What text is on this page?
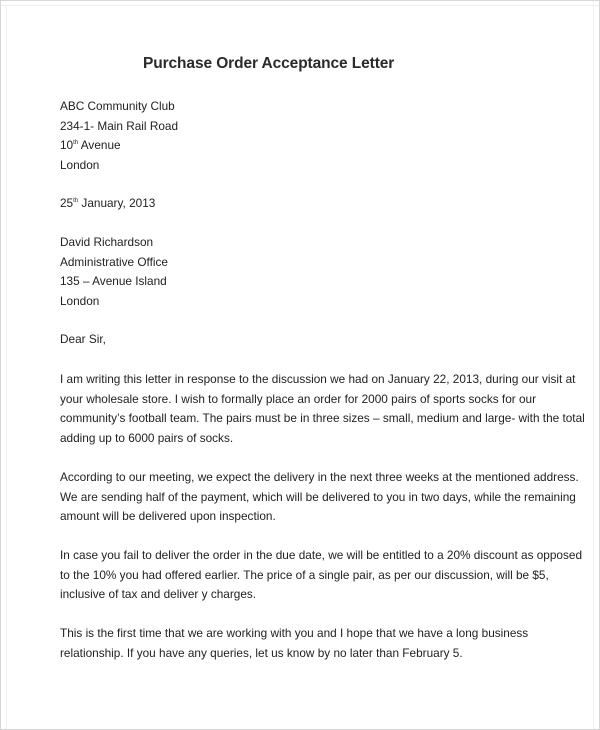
Purchase Order Acceptance Letter
ABC Community Club
234-1- Main Rail Road
10th Avenue
London
25th January, 2013
David Richardson
Administrative Office
135 – Avenue Island
London
Dear Sir,
I am writing this letter in response to the discussion we had on January 22, 2013, during our visit at
your wholesale store. I wish to formally place an order for 2000 pairs of sports socks for our
community’s football team. The pairs must be in three sizes – small, medium and large- with the total
adding up to 6000 pairs of socks.
According to our meeting, we expect the delivery in the next three weeks at the mentioned address.
We are sending half of the payment, which will be delivered to you in two days, while the remaining
amount will be delivered upon inspection.
In case you fail to deliver the order in the due date, we will be entitled to a 20% discount as opposed
to the 10% you had offered earlier. The price of a single pair, as per our discussion, will be $5,
inclusive of tax and deliver y charges.
This is the first time that we are working with you and I hope that we have a long business
relationship. If you have any queries, let us know by no later than February 5.
